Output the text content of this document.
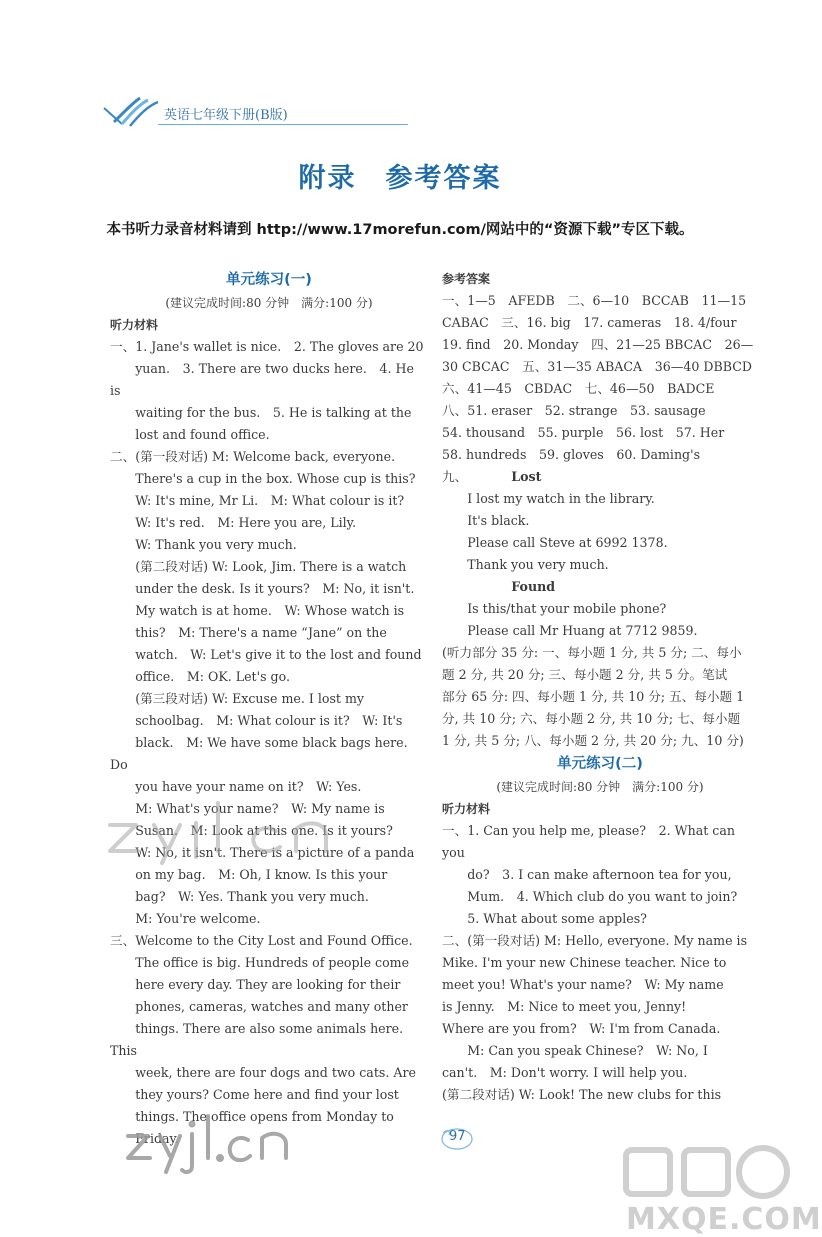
英语七年级下册(B版)
附录　参考答案
本书听力录音材料请到 http://www.17morefun.com/网站中的“资源下载”专区下载。
单元练习(一)
(建议完成时间:80 分钟　满分:100 分)
听力材料

一、1. Jane's wallet is nice.　2. The gloves are 20

yuan.　3. There are two ducks here.　4. He is

waiting for the bus.　5. He is talking at the

lost and found office.

二、(第一段对话) M: Welcome back, everyone.

There's a cup in the box. Whose cup is this?

W: It's mine, Mr Li.　M: What colour is it?

W: It's red.　M: Here you are, Lily.

W: Thank you very much.

(第二段对话) W: Look, Jim. There is a watch

under the desk. Is it yours?　M: No, it isn't.

My watch is at home.　W: Whose watch is

this?　M: There's a name “Jane” on the

watch.　W: Let's give it to the lost and found

office.　M: OK. Let's go.

(第三段对话) W: Excuse me. I lost my

schoolbag.　M: What colour is it?　W: It's

black.　M: We have some black bags here. Do

you have your name on it?　W: Yes.

M: What's your name?　W: My name is

Susan.　M: Look at this one. Is it yours?

W: No, it isn't. There is a picture of a panda

on my bag.　M: Oh, I know. Is this your

bag?　W: Yes. Thank you very much.

M: You're welcome.

三、Welcome to the City Lost and Found Office.

The office is big. Hundreds of people come

here every day. They are looking for their

phones, cameras, watches and many other

things. There are also some animals here. This

week, there are four dogs and two cats. Are

they yours? Come here and find your lost

things. The office opens from Monday to

Friday.

参考答案

一、1—5　AFEDB　二、6—10　BCCAB　11—15

CABAC　三、16. big　17. cameras　18. 4/four

19. find　20. Monday　四、21—25 BBCAC　26—

30 CBCAC　五、31—35 ABACA　36—40 DBBCD

六、41—45　CBDAC　七、46—50　BADCE

八、51. eraser　52. strange　53. sausage

54. thousand　55. purple　56. lost　57. Her

58. hundreds　59. gloves　60. Daming's

九、	Lost

I lost my watch in the library.

It's black.

Please call Steve at 6992 1378.

Thank you very much.

Found

Is this/that your mobile phone?

Please call Mr Huang at 7712 9859.

(听力部分 35 分: 一、每小题 1 分, 共 5 分; 二、每小

题 2 分, 共 20 分; 三、每小题 2 分, 共 5 分。笔试

部分 65 分: 四、每小题 1 分, 共 10 分; 五、每小题 1

分, 共 10 分; 六、每小题 2 分, 共 10 分; 七、每小题

1 分, 共 5 分; 八、每小题 2 分, 共 20 分; 九、10 分)

单元练习(二)
(建议完成时间:80 分钟　满分:100 分)
听力材料

一、1. Can you help me, please?　2. What can you

do?　3. I can make afternoon tea for you,

Mum.　4. Which club do you want to join?

5. What about some apples?

二、(第一段对话) M: Hello, everyone. My name is

Mike. I'm your new Chinese teacher. Nice to

meet you! What's your name?　W: My name

is Jenny.　M: Nice to meet you, Jenny!

Where are you from?　W: I'm from Canada.

M: Can you speak Chinese?　W: No, I

can't.　M: Don't worry. I will help you.

(第二段对话) W: Look! The new clubs for this

97
MXQE.COM
